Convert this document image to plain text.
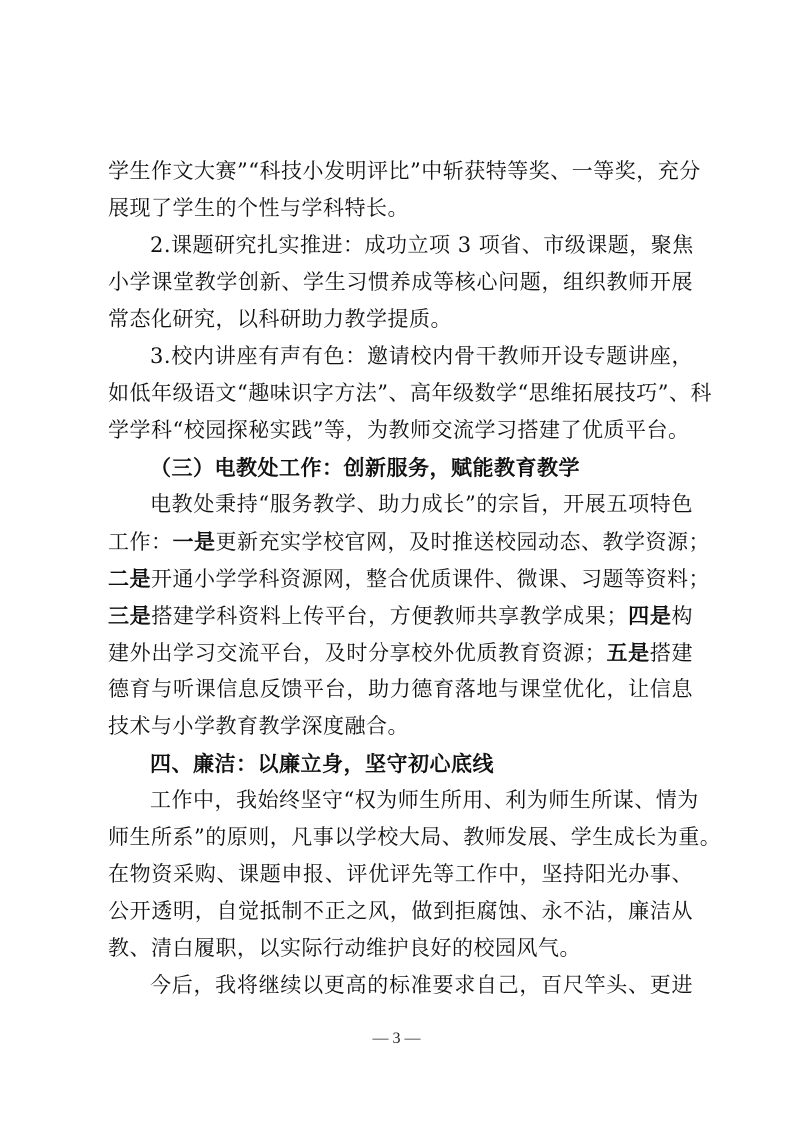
学生作文大赛”“科技小发明评比”中斩获特等奖、一等奖，充分
展现了学生的个性与学科特长。
2.课题研究扎实推进：成功立项 3 项省、市级课题，聚焦
小学课堂教学创新、学生习惯养成等核心问题，组织教师开展
常态化研究，以科研助力教学提质。
3.校内讲座有声有色：邀请校内骨干教师开设专题讲座，
如低年级语文“趣味识字方法”、高年级数学“思维拓展技巧”、科
学学科“校园探秘实践”等，为教师交流学习搭建了优质平台。
（三）电教处工作：创新服务，赋能教育教学
电教处秉持“服务教学、助力成长”的宗旨，开展五项特色
工作：一是更新充实学校官网，及时推送校园动态、教学资源；
二是开通小学学科资源网，整合优质课件、微课、习题等资料；
三是搭建学科资料上传平台，方便教师共享教学成果；四是构
建外出学习交流平台，及时分享校外优质教育资源；五是搭建
德育与听课信息反馈平台，助力德育落地与课堂优化，让信息
技术与小学教育教学深度融合。
四、廉洁：以廉立身，坚守初心底线
工作中，我始终坚守“权为师生所用、利为师生所谋、情为
师生所系”的原则，凡事以学校大局、教师发展、学生成长为重。
在物资采购、课题申报、评优评先等工作中，坚持阳光办事、
公开透明，自觉抵制不正之风，做到拒腐蚀、永不沾，廉洁从
教、清白履职，以实际行动维护良好的校园风气。
今后，我将继续以更高的标准要求自己，百尺竿头、更进
— 3 —
